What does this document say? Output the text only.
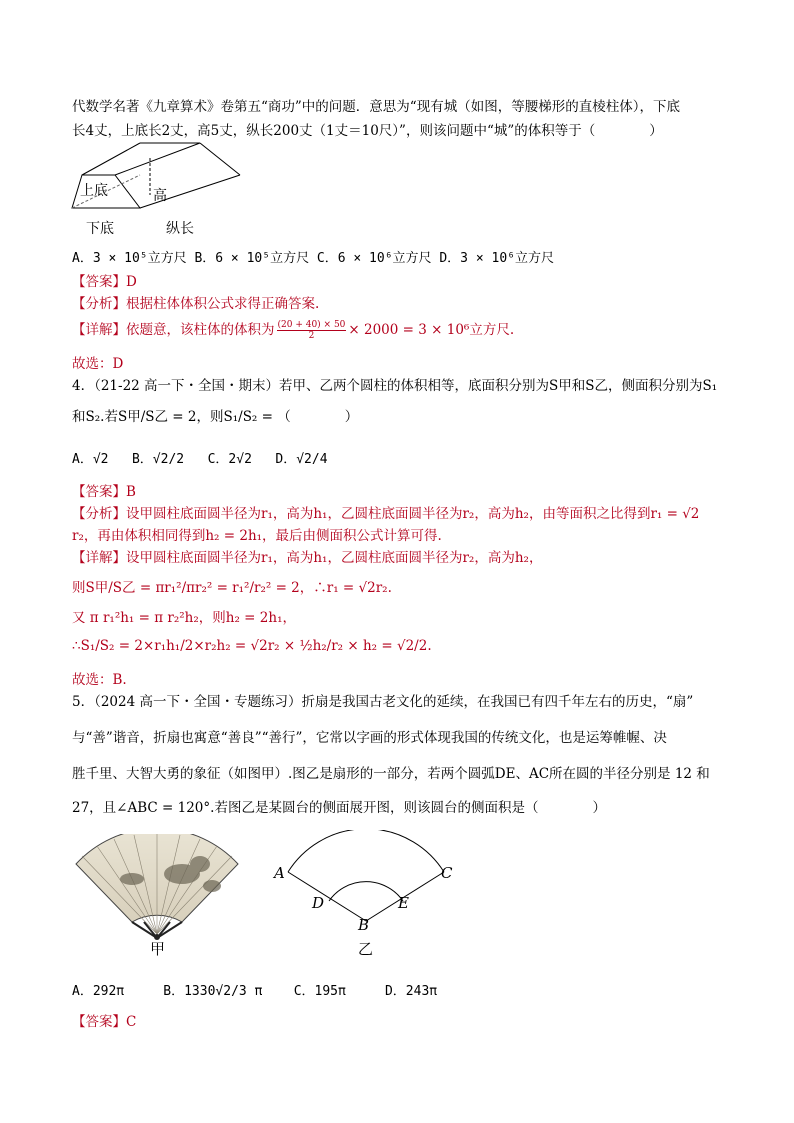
代数学名著《九章算术》卷第五“商功”中的问题．意思为“现有城（如图，等腰梯形的直棱柱体），下底
长4丈，上底长2丈，高5丈，纵长200丈（1丈＝10尺）”，则该问题中“城”的体积等于（　　　　）
上底	高
下底	纵长
A．3 × 10⁵立方尺 B．6 × 10⁵立方尺 C．6 × 10⁶立方尺 D．3 × 10⁶立方尺
【答案】D
【分析】根据柱体体积公式求得正确答案.
【详解】依题意，该柱体的体积为 $\frac{(20 + 40) \times 50}{2} \times 2000 = 3 \times 10^6$立方尺.
故选：D
4．（21-22 高一下・全国・期末）若甲、乙两个圆柱的体积相等，底面积分别为S甲和S乙，侧面积分别为S₁
和S₂.若S甲/S乙 = 2，则S₁/S₂ = （　　　　）
A．√2 B．√2/2 C．2√2 D．√2/4
【答案】B
【分析】设甲圆柱底面圆半径为r₁，高为h₁，乙圆柱底面圆半径为r₂，高为h₂，由等面积之比得到r₁ = √2
r₂，再由体积相同得到h₂ = 2h₁，最后由侧面积公式计算可得.
【详解】设甲圆柱底面圆半径为r₁，高为h₁，乙圆柱底面圆半径为r₂，高为h₂，
则S甲/S乙 = πr₁²/πr₂² = r₁²/r₂² = 2，∴r₁ = √2r₂.
又 π r₁²h₁ = π r₂²h₂，则h₂ = 2h₁，
∴S₁/S₂ = 2×r₁h₁/2×r₂h₂ = √2r₂ × ½h₂/r₂ × h₂ = √2/2.
故选：B.
5．（2024 高一下・全国・专题练习）折扇是我国古老文化的延续，在我国已有四千年左右的历史，“扇”
与“善”谐音，折扇也寓意“善良”“善行”，它常以字画的形式体现我国的传统文化，也是运筹帷幄、决
胜千里、大智大勇的象征（如图甲）.图乙是扇形的一部分，若两个圆弧DE、AC所在圆的半径分别是 12 和
27，且∠ABC = 120°.若图乙是某圆台的侧面展开图，则该圆台的侧面积是（　　　　）
甲
A	C
D	E
B
乙
A．292π	B．1330√2/3 π C．195π	D．243π
【答案】C
